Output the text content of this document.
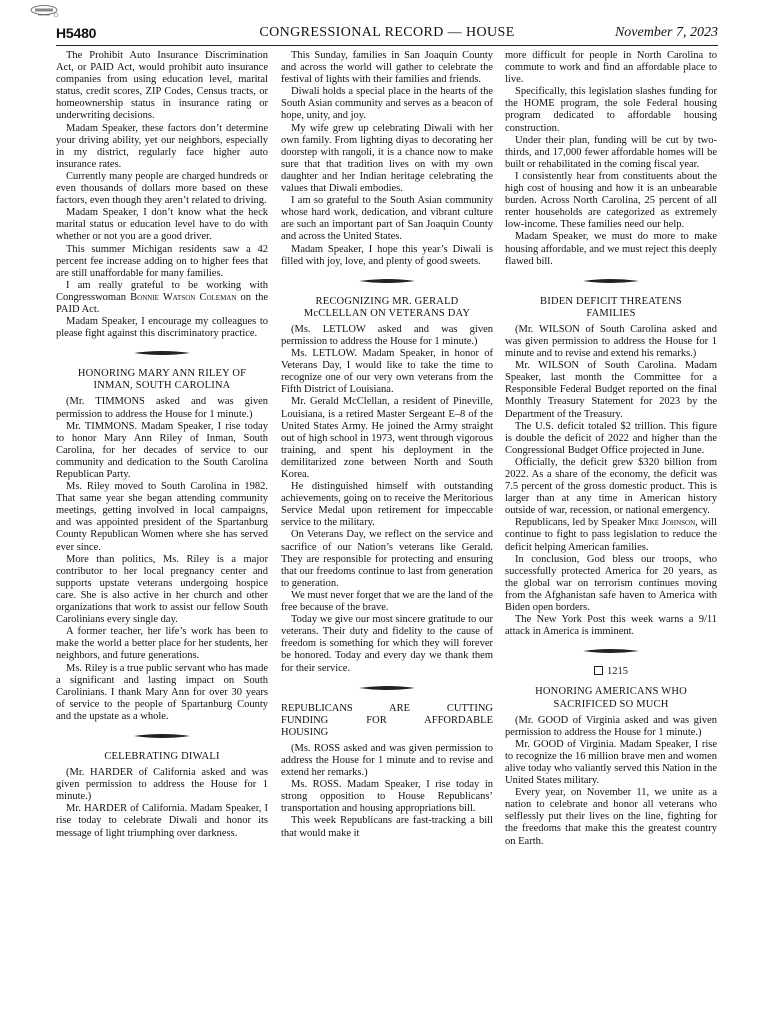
H5480	CONGRESSIONAL RECORD — HOUSE	November 7, 2023

The Prohibit Auto Insurance Discrimination Act, or PAID Act, would prohibit auto insurance companies from using education level, marital status, credit scores, ZIP Codes, Census tracts, or homeownership status in insurance rating or underwriting decisions.

Madam Speaker, these factors don’t determine your driving ability, yet our neighbors, especially in my district, regularly face higher auto insurance rates.

Currently many people are charged hundreds or even thousands of dollars more based on these factors, even though they aren’t related to driving.

Madam Speaker, I don’t know what the heck marital status or education level have to do with whether or not you are a good driver.

This summer Michigan residents saw a 42 percent fee increase adding on to higher fees that are still unaffordable for many families.

I am really grateful to be working with Congresswoman Bonnie Watson Coleman on the PAID Act.

Madam Speaker, I encourage my colleagues to please fight against this discriminatory practice.

HONORING MARY ANN RILEY OF
INMAN, SOUTH CAROLINA

(Mr. TIMMONS asked and was given permission to address the House for 1 minute.)

Mr. TIMMONS. Madam Speaker, I rise today to honor Mary Ann Riley of Inman, South Carolina, for her decades of service to our community and dedication to the South Carolina Republican Party.

Ms. Riley moved to South Carolina in 1982. That same year she began attending community meetings, getting involved in local campaigns, and was appointed president of the Spartanburg County Republican Women where she has served ever since.

More than politics, Ms. Riley is a major contributor to her local pregnancy center and supports upstate veterans undergoing hospice care. She is also active in her church and other organizations that work to assist our fellow South Carolinians every single day.

A former teacher, her life’s work has been to make the world a better place for her students, her neighbors, and future generations.

Ms. Riley is a true public servant who has made a significant and lasting impact on South Carolinians. I thank Mary Ann for over 30 years of service to the people of Spartanburg County and the upstate as a whole.

CELEBRATING DIWALI

(Mr. HARDER of California asked and was given permission to address the House for 1 minute.)

Mr. HARDER of California. Madam Speaker, I rise today to celebrate Diwali and honor its message of light triumphing over darkness.

This Sunday, families in San Joaquin County and across the world will gather to celebrate the festival of lights with their families and friends.

Diwali holds a special place in the hearts of the South Asian community and serves as a beacon of hope, unity, and joy.

My wife grew up celebrating Diwali with her own family. From lighting diyas to decorating her doorstep with rangoli, it is a chance now to make sure that that tradition lives on with my own daughter and her Indian heritage celebrating the values that Diwali embodies.

I am so grateful to the South Asian community whose hard work, dedication, and vibrant culture are such an important part of San Joaquin County and across the United States.

Madam Speaker, I hope this year’s Diwali is filled with joy, love, and plenty of good sweets.

RECOGNIZING MR. GERALD
McCLELLAN ON VETERANS DAY

(Ms. LETLOW asked and was given permission to address the House for 1 minute.)

Ms. LETLOW. Madam Speaker, in honor of Veterans Day, I would like to take the time to recognize one of our very own veterans from the Fifth District of Louisiana.

Mr. Gerald McClellan, a resident of Pineville, Louisiana, is a retired Master Sergeant E–8 of the United States Army. He joined the Army straight out of high school in 1973, went through vigorous training, and spent his deployment in the demilitarized zone between North and South Korea.

He distinguished himself with outstanding achievements, going on to receive the Meritorious Service Medal upon retirement for impeccable service to the military.

On Veterans Day, we reflect on the service and sacrifice of our Nation’s veterans like Gerald. They are responsible for protecting and ensuring that our freedoms continue to last from generation to generation.

We must never forget that we are the land of the free because of the brave.

Today we give our most sincere gratitude to our veterans. Their duty and fidelity to the cause of freedom is something for which they will forever be honored. Today and every day we thank them for their service.

REPUBLICANS ARE CUTTING

FUNDING FOR AFFORDABLE

HOUSING

(Ms. ROSS asked and was given permission to address the House for 1 minute and to revise and extend her remarks.)

Ms. ROSS. Madam Speaker, I rise today in strong opposition to House Republicans’ transportation and housing appropriations bill.

This week Republicans are fast-tracking a bill that would make it

more difficult for people in North Carolina to commute to work and find an affordable place to live.

Specifically, this legislation slashes funding for the HOME program, the sole Federal housing program dedicated to affordable housing construction.

Under their plan, funding will be cut by two-thirds, and 17,000 fewer affordable homes will be built or rehabilitated in the coming fiscal year.

I consistently hear from constituents about the high cost of housing and how it is an unbearable burden. Across North Carolina, 25 percent of all renter households are categorized as extremely low-income. These families need our help.

Madam Speaker, we must do more to make housing affordable, and we must reject this deeply flawed bill.

BIDEN DEFICIT THREATENS
FAMILIES

(Mr. WILSON of South Carolina asked and was given permission to address the House for 1 minute and to revise and extend his remarks.)

Mr. WILSON of South Carolina. Madam Speaker, last month the Committee for a Responsible Federal Budget reported on the final Monthly Treasury Statement for 2023 by the Department of the Treasury.

The U.S. deficit totaled $2 trillion. This figure is double the deficit of 2022 and higher than the Congressional Budget Office projected in June.

Officially, the deficit grew $320 billion from 2022. As a share of the economy, the deficit was 7.5 percent of the gross domestic product. This is larger than at any time in American history outside of war, recession, or national emergency.

Republicans, led by Speaker Mike Johnson, will continue to fight to pass legislation to reduce the deficit helping American families.

In conclusion, God bless our troops, who successfully protected America for 20 years, as the global war on terrorism continues moving from the Afghanistan safe haven to America with Biden open borders.

The New York Post this week warns a 9/11 attack in America is imminent.

1215

HONORING AMERICANS WHO
SACRIFICED SO MUCH

(Mr. GOOD of Virginia asked and was given permission to address the House for 1 minute.)

Mr. GOOD of Virginia. Madam Speaker, I rise to recognize the 16 million brave men and women alive today who valiantly served this Nation in the United States military.

Every year, on November 11, we unite as a nation to celebrate and honor all veterans who selflessly put their lives on the line, fighting for the freedoms that make this the greatest country on Earth.
